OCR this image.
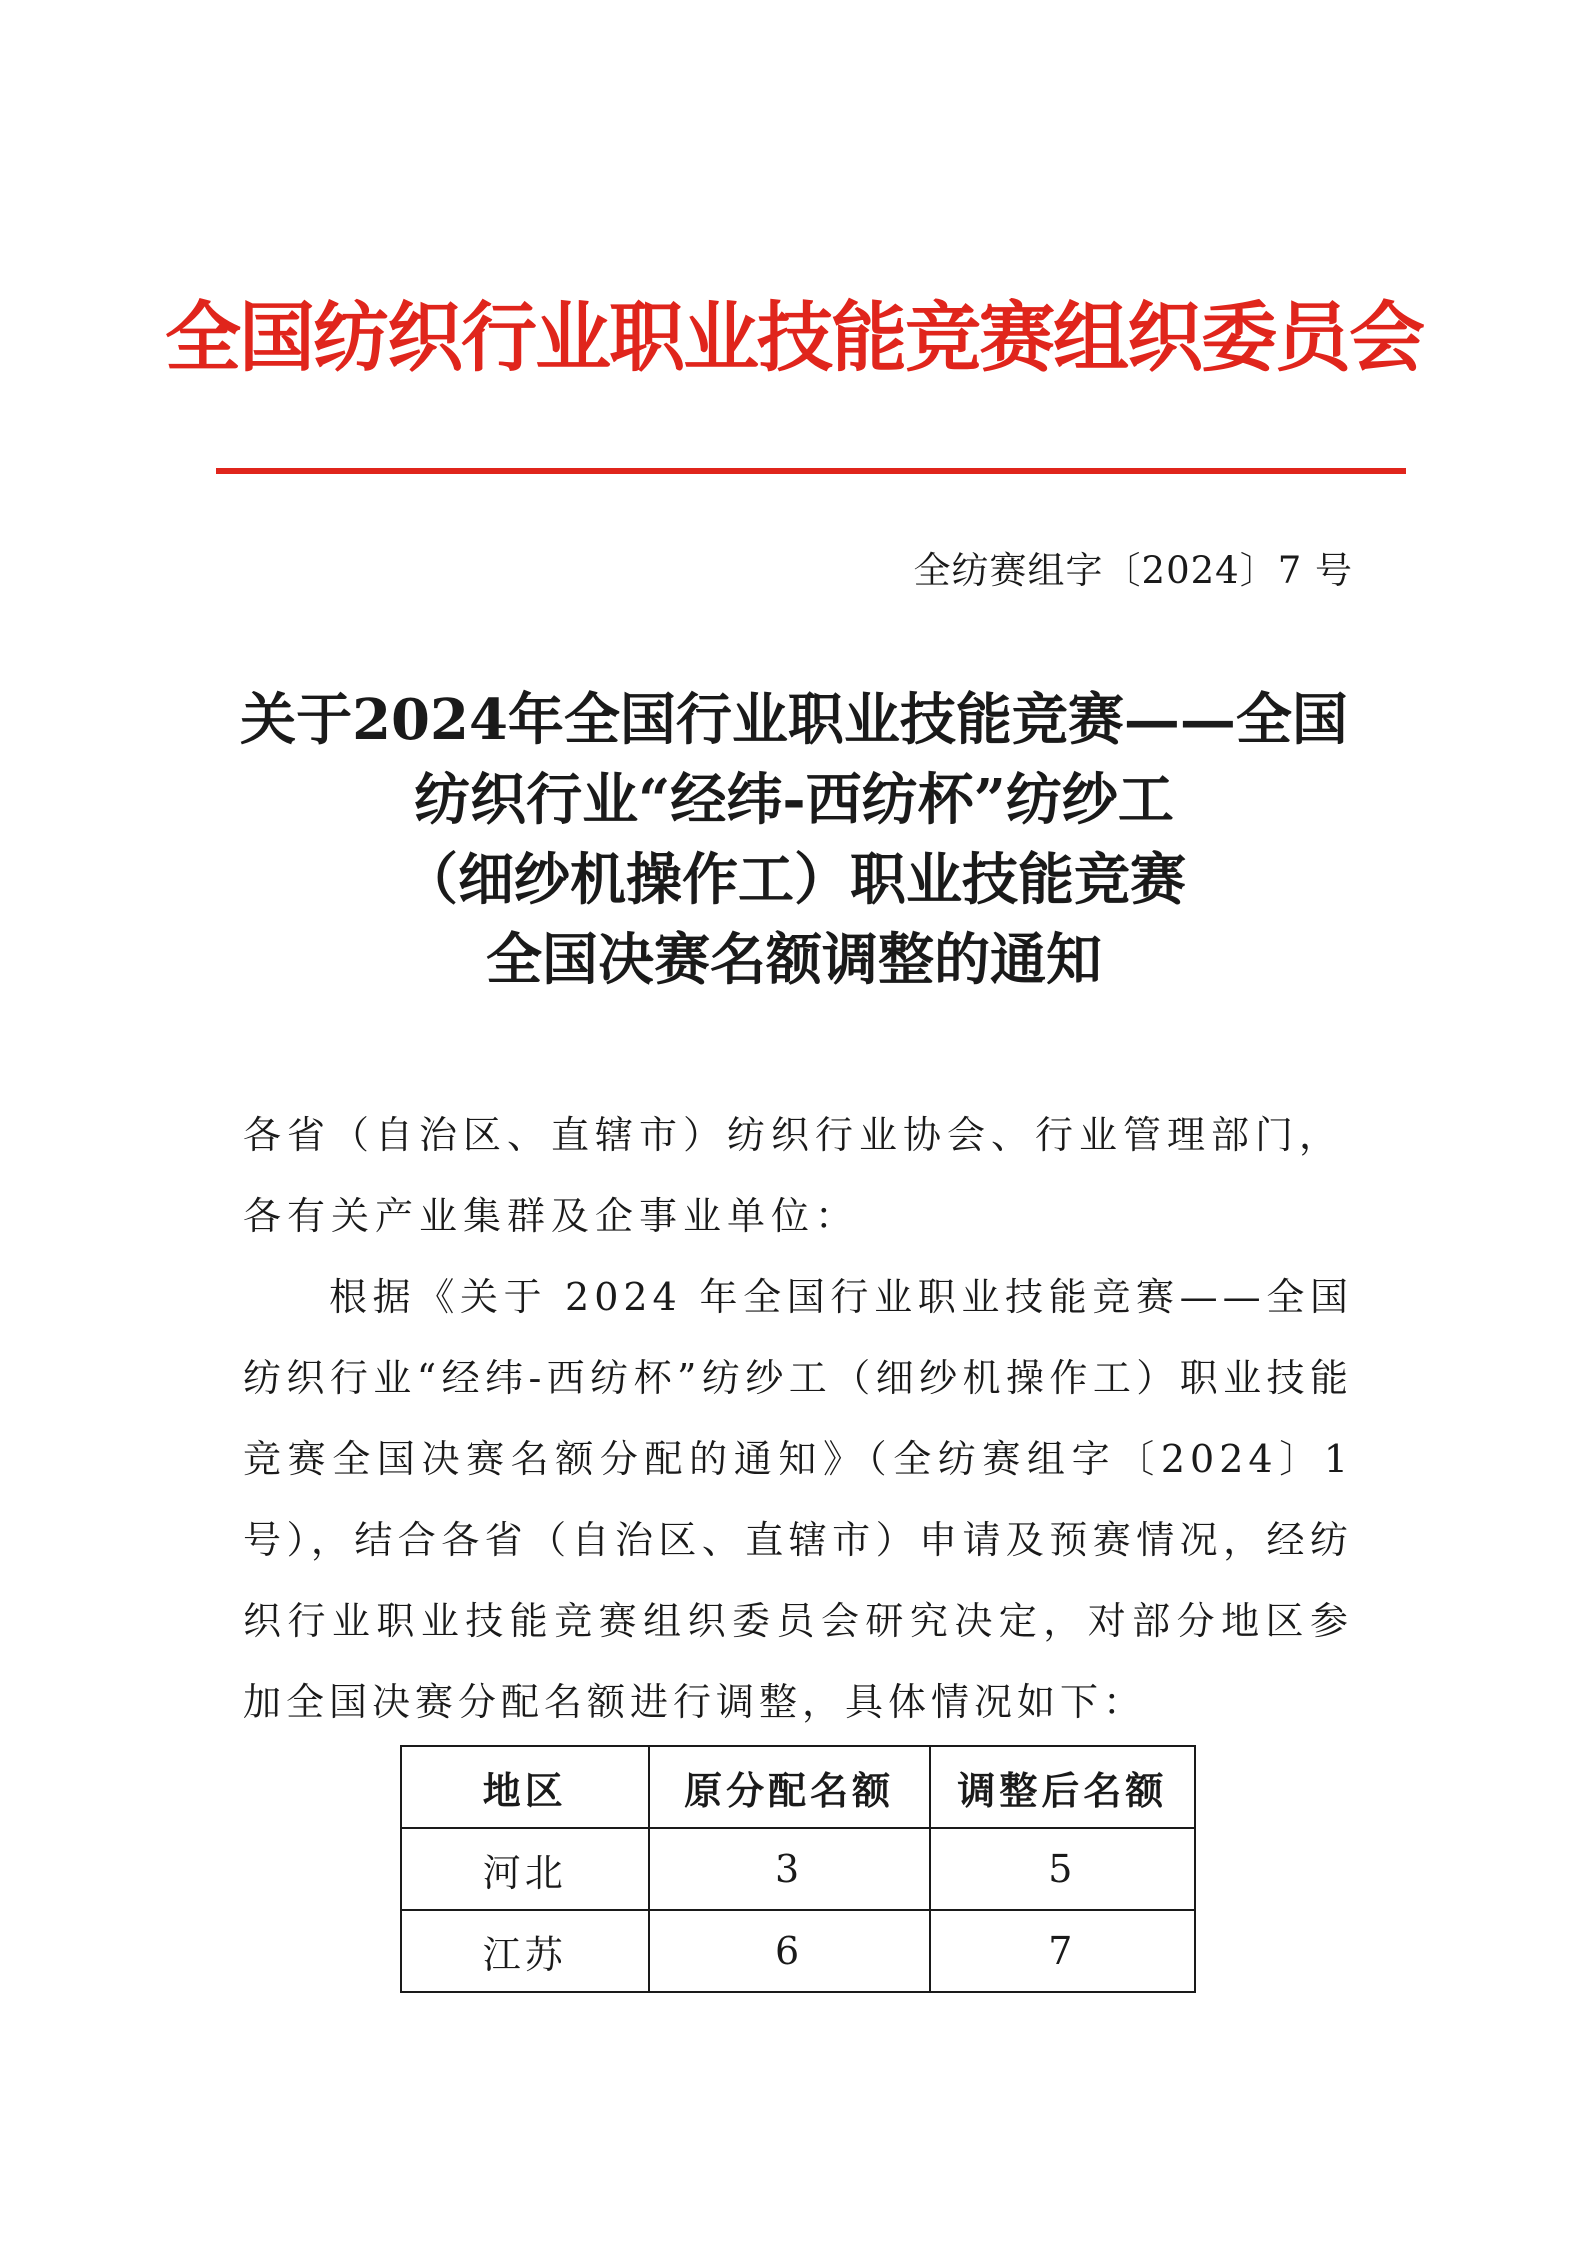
全国纺织行业职业技能竞赛组织委员会
全纺赛组字〔2024〕7 号
关于2024年全国行业职业技能竞赛——全国
纺织行业“经纬-西纺杯”纺纱工
（细纱机操作工）职业技能竞赛
全国决赛名额调整的通知
各省（自治区、直辖市）纺织行业协会、行业管理部门，各有关产业集群及企事业单位：
根据《关于 2024 年全国行业职业技能竞赛——全国纺织行业“经纬-西纺杯”纺纱工（细纱机操作工）职业技能竞赛全国决赛名额分配的通知》（全纺赛组字〔2024〕1 号），结合各省（自治区、直辖市）申请及预赛情况，经纺织行业职业技能竞赛组织委员会研究决定，对部分地区参加全国决赛分配名额进行调整，具体情况如下：
地区	原分配名额	调整后名额
河北	3	5
江苏	6	7
